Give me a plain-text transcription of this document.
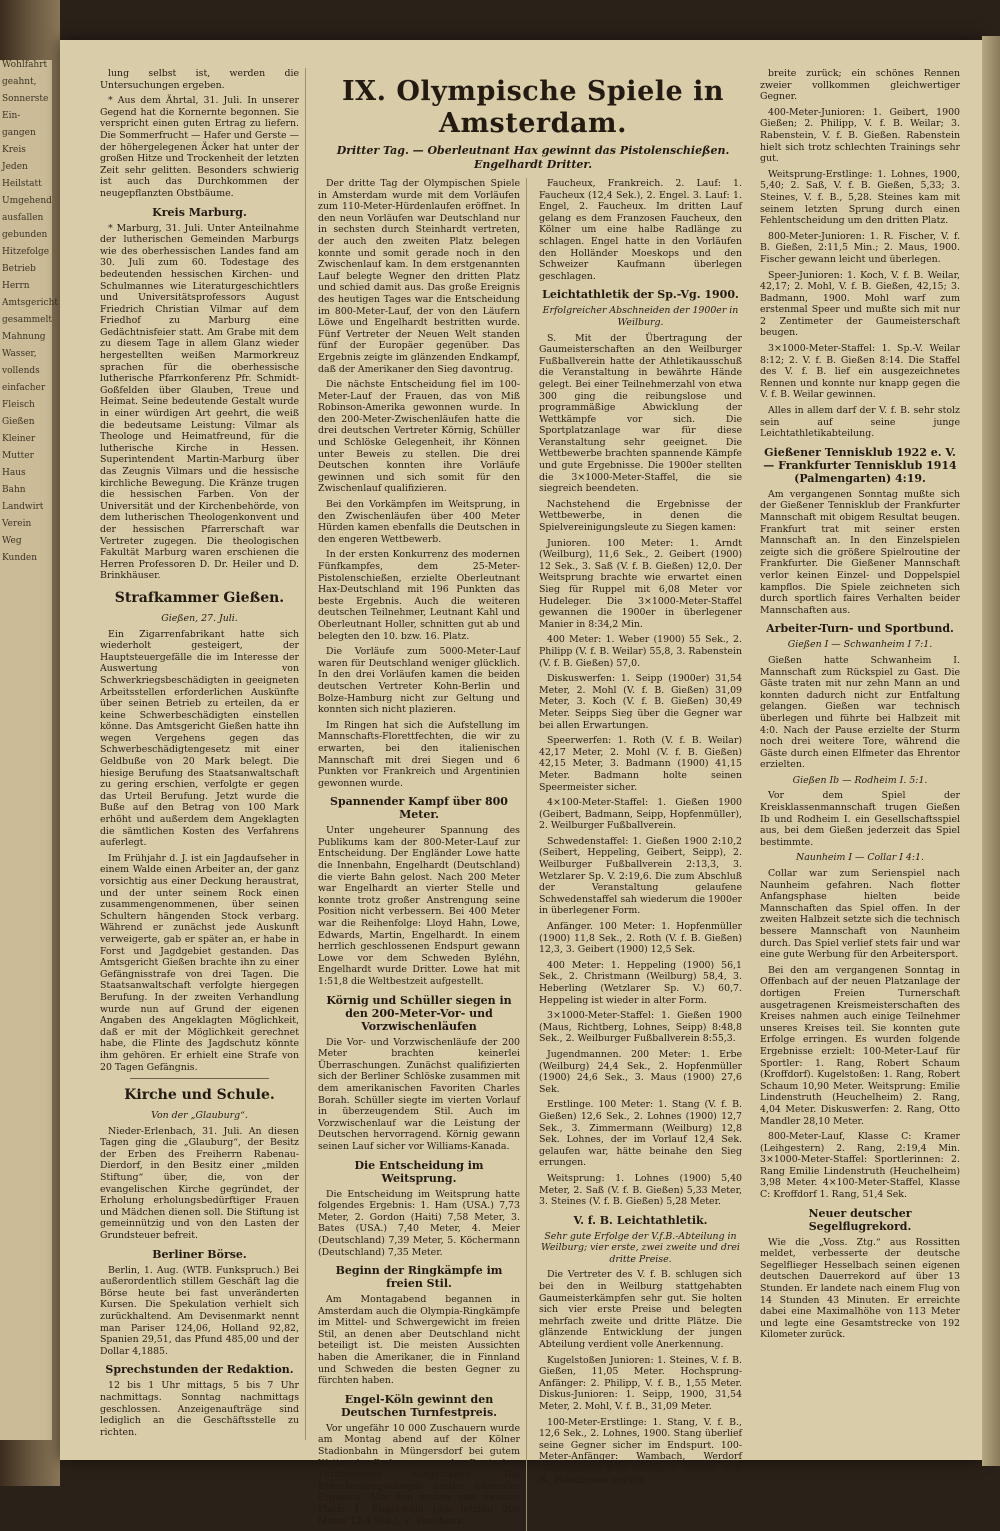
Wohlfahrt

geahnt,

Sonnerste

Ein-

gangen

Kreis

Jeden

Heilstatt

Umgehend

ausfallen

gebunden

Hitzefolge

Betrieb

Herrn

Amtsgericht

gesammelt

Mahnung

Wasser,

vollends

einfacher

Fleisch

Gießen

Kleiner

Mutter

Haus

Bahn

Landwirt

Verein

Weg

Kunden

lung selbst ist, werden die Untersuchungen ergeben.

* Aus dem Ährtal, 31. Juli. In unserer Gegend hat die Kornernte begonnen. Sie verspricht einen guten Ertrag zu liefern. Die Sommerfrucht — Hafer und Gerste — der höhergelegenen Äcker hat unter der großen Hitze und Trockenheit der letzten Zeit sehr gelitten. Besonders schwierig ist auch das Durchkommen der neugepflanzten Obstbäume.

Kreis Marburg.

* Marburg, 31. Juli. Unter Anteilnahme der lutherischen Gemeinden Marburgs wie des oberhessischen Landes fand am 30. Juli zum 60. Todestage des bedeutenden hessischen Kirchen- und Schulmannes wie Literaturgeschichtlers und Universitätsprofessors August Friedrich Christian Vilmar auf dem Friedhof zu Marburg eine Gedächtnisfeier statt. Am Grabe mit dem zu diesem Tage in allem Glanz wieder hergestellten weißen Marmorkreuz sprachen für die oberhessische lutherische Pfarrkonferenz Pfr. Schmidt-Goßfelden über Glauben, Treue und Heimat. Seine bedeutende Gestalt wurde in einer würdigen Art geehrt, die weiß die bedeutsame Leistung: Vilmar als Theologe und Heimatfreund, für die lutherische Kirche in Hessen. Superintendent Martin-Marburg über das Zeugnis Vilmars und die hessische kirchliche Bewegung. Die Kränze trugen die hessischen Farben. Von der Universität und der Kirchenbehörde, von dem lutherischen Theologenkonvent und der hessischen Pfarrerschaft war Vertreter zugegen. Die theologischen Fakultät Marburg waren erschienen die Herren Professoren D. Dr. Heiler und D. Brinkhäuser.

Strafkammer Gießen.

Gießen, 27. Juli.

Ein Zigarrenfabrikant hatte sich wiederholt gesteigert, der Hauptsteuergefälle die im Interesse der Auswertung von Schwerkriegsbeschädigten in geeigneten Arbeitsstellen erforderlichen Auskünfte über seinen Betrieb zu erteilen, da er keine Schwerbeschädigten einstellen könne. Das Amtsgericht Gießen hatte ihn wegen Vergehens gegen das Schwerbeschädigtengesetz mit einer Geldbuße von 20 Mark belegt. Die hiesige Berufung des Staatsanwaltschaft zu gering erschien, verfolgte er gegen das Urteil Berufung. Jetzt wurde die Buße auf den Betrag von 100 Mark erhöht und außerdem dem Angeklagten die sämtlichen Kosten des Verfahrens auferlegt.

Im Frühjahr d. J. ist ein Jagdaufseher in einem Walde einen Arbeiter an, der ganz vorsichtig aus einer Deckung heraustrat, und der unter seinem Rock einen zusammengenommenen, über seinen Schultern hängenden Stock verbarg. Während er zunächst jede Auskunft verweigerte, gab er später an, er habe in Forst und Jagdgebiet gestanden. Das Amtsgericht Gießen brachte ihn zu einer Gefängnisstrafe von drei Tagen. Die Staatsanwaltschaft verfolgte hiergegen Berufung. In der zweiten Verhandlung wurde nun auf Grund der eigenen Angaben des Angeklagten Möglichkeit, daß er mit der Möglichkeit gerechnet habe, die Flinte des Jagdschutz könnte ihm gehören. Er erhielt eine Strafe von 20 Tagen Gefängnis.

Kirche und Schule.

Von der „Glauburg“.

Nieder-Erlenbach, 31. Juli. An diesen Tagen ging die „Glauburg“, der Besitz der Erben des Freiherrn Rabenau-Dierdorf, in den Besitz einer „milden Stiftung“ über, die, von der evangelischen Kirche gegründet, der Erholung erholungsbedürftiger Frauen und Mädchen dienen soll. Die Stiftung ist gemeinnützig und von den Lasten der Grundsteuer befreit.

Berliner Börse.

Berlin, 1. Aug. (WTB. Funkspruch.) Bei außerordentlich stillem Geschäft lag die Börse heute bei fast unveränderten Kursen. Die Spekulation verhielt sich zurückhaltend. Am Devisenmarkt nennt man Pariser 124,06, Holland 92,82, Spanien 29,51, das Pfund 485,00 und der Dollar 4,1885.

Sprechstunden der Redaktion.

12 bis 1 Uhr mittags, 5 bis 7 Uhr nachmittags. Sonntag nachmittags geschlossen. Anzeigenaufträge sind lediglich an die Geschäftsstelle zu richten.

IX. Olympische Spiele in Amsterdam.
Dritter Tag. — Oberleutnant Hax gewinnt das Pistolenschießen. Engelhardt Dritter.

Der dritte Tag der Olympischen Spiele in Amsterdam wurde mit dem Vorläufen zum 110-Meter-Hürdenlaufen eröffnet. In den neun Vorläufen war Deutschland nur in sechsten durch Steinhardt vertreten, der auch den zweiten Platz belegen konnte und somit gerade noch in den Zwischenlauf kam. In dem erstgenannten Lauf belegte Wegner den dritten Platz und schied damit aus. Das große Ereignis des heutigen Tages war die Entscheidung im 800-Meter-Lauf, der von den Läufern Löwe und Engelhardt bestritten wurde. Fünf Vertreter der Neuen Welt standen fünf der Europäer gegenüber. Das Ergebnis zeigte im glänzenden Endkampf, daß der Amerikaner den Sieg davontrug.

Die nächste Entscheidung fiel im 100-Meter-Lauf der Frauen, das von Miß Robinson-Amerika gewonnen wurde. In den 200-Meter-Zwischenläufen hatte die drei deutschen Vertreter Körnig, Schüller und Schlöske Gelegenheit, ihr Können unter Beweis zu stellen. Die drei Deutschen konnten ihre Vorläufe gewinnen und sich somit für den Zwischenlauf qualifizieren.

Bei den Vorkämpfen im Weitsprung, in den Zwischenläufen über 400 Meter Hürden kamen ebenfalls die Deutschen in den engeren Wettbewerb.

In der ersten Konkurrenz des modernen Fünfkampfes, dem 25-Meter-Pistolenschießen, erzielte Oberleutnant Hax-Deutschland mit 196 Punkten das beste Ergebnis. Auch die weiteren deutschen Teilnehmer, Leutnant Kahl und Oberleutnant Holler, schnitten gut ab und belegten den 10. bzw. 16. Platz.

Die Vorläufe zum 5000-Meter-Lauf waren für Deutschland weniger glücklich. In den drei Vorläufen kamen die beiden deutschen Vertreter Kohn-Berlin und Bolze-Hamburg nicht zur Geltung und konnten sich nicht plazieren.

Im Ringen hat sich die Aufstellung im Mannschafts-Florettfechten, die wir zu erwarten, bei den italienischen Mannschaft mit drei Siegen und 6 Punkten vor Frankreich und Argentinien gewonnen wurde.

Spannender Kampf über 800 Meter.

Unter ungeheurer Spannung des Publikums kam der 800-Meter-Lauf zur Entscheidung. Der Engländer Lowe hatte die Innenbahn, Engelhardt (Deutschland) die vierte Bahn gelost. Nach 200 Meter war Engelhardt an vierter Stelle und konnte trotz großer Anstrengung seine Position nicht verbessern. Bei 400 Meter war die Reihenfolge: Lloyd Hahn, Lowe, Edwards, Martin, Engelhardt. In einem herrlich geschlossenen Endspurt gewann Lowe vor dem Schweden Byléhn, Engelhardt wurde Dritter. Lowe hat mit 1:51,8 die Weltbestzeit aufgestellt.

Körnig und Schüller siegen in den 200-Meter-Vor- und Vorzwischenläufen

Die Vor- und Vorzwischenläufe der 200 Meter brachten keinerlei Überraschungen. Zunächst qualifizierten sich der Berliner Schlöske zusammen mit dem amerikanischen Favoriten Charles Borah. Schüller siegte im vierten Vorlauf in überzeugendem Stil. Auch im Vorzwischenlauf war die Leistung der Deutschen hervorragend. Körnig gewann seinen Lauf sicher vor Williams-Kanada.

Die Entscheidung im Weitsprung.

Die Entscheidung im Weitsprung hatte folgendes Ergebnis: 1. Ham (USA.) 7,73 Meter, 2. Gordon (Haiti) 7,58 Meter, 3. Bates (USA.) 7,40 Meter, 4. Meier (Deutschland) 7,39 Meter, 5. Köchermann (Deutschland) 7,35 Meter.

Beginn der Ringkämpfe im freien Stil.

Am Montagabend begannen in Amsterdam auch die Olympia-Ringkämpfe im Mittel- und Schwergewicht im freien Stil, an denen aber Deutschland nicht beteiligt ist. Die meisten Aussichten haben die Amerikaner, die in Finnland und Schweden die besten Gegner zu fürchten haben.

Engel-Köln gewinnt den Deutschen Turnfestpreis.

Vor ungefähr 10 000 Zuschauern wurde am Montag abend auf der Kölner Stadionbahn in Müngersdorf bei gutem Wetter das Radrennen um den Deutschen Turnfestpreis ausgetragen. Die Entscheidungskämpfe hatten folgendes Ergebnis: Um den ersten und zweiten Platz: 1. Engel-Köln (die letzten 200 Meter 12,4 Sek.), 2. Faucheux.

Faucheux, Frankreich. 2. Lauf: 1. Faucheux (12,4 Sek.), 2. Engel. 3. Lauf: 1. Engel, 2. Faucheux. Im dritten Lauf gelang es dem Franzosen Faucheux, den Kölner um eine halbe Radlänge zu schlagen. Engel hatte in den Vorläufen den Holländer Moeskops und den Schweizer Kaufmann überlegen geschlagen.

Leichtathletik der Sp.-Vg. 1900.

Erfolgreicher Abschneiden der 1900er in Weilburg.

S. Mit der Übertragung der Gaumeisterschaften an den Weilburger Fußballverein hatte der Athletikausschuß die Veranstaltung in bewährte Hände gelegt. Bei einer Teilnehmerzahl von etwa 300 ging die reibungslose und programmäßige Abwicklung der Wettkämpfe vor sich. Die Sportplatzanlage war für diese Veranstaltung sehr geeignet. Die Wettbewerbe brachten spannende Kämpfe und gute Ergebnisse. Die 1900er stellten die 3×1000-Meter-Staffel, die sie siegreich beendeten.

Nachstehend die Ergebnisse der Wettbewerbe, in denen die Spielvereinigungsleute zu Siegen kamen:

Junioren. 100 Meter: 1. Arndt (Weilburg), 11,6 Sek., 2. Geibert (1900) 12 Sek., 3. Saß (V. f. B. Gießen) 12,0. Der Weitsprung brachte wie erwartet einen Sieg für Ruppel mit 6,08 Meter vor Hudeleger. Die 3×1000-Meter-Staffel gewannen die 1900er in überlegener Manier in 8:34,2 Min.

400 Meter: 1. Weber (1900) 55 Sek., 2. Philipp (V. f. B. Weilar) 55,8, 3. Rabenstein (V. f. B. Gießen) 57,0.

Diskuswerfen: 1. Seipp (1900er) 31,54 Meter, 2. Mohl (V. f. B. Gießen) 31,09 Meter, 3. Koch (V. f. B. Gießen) 30,49 Meter. Seipps Sieg über die Gegner war bei allen Erwartungen.

Speerwerfen: 1. Roth (V. f. B. Weilar) 42,17 Meter, 2. Mohl (V. f. B. Gießen) 42,15 Meter, 3. Badmann (1900) 41,15 Meter. Badmann holte seinen Speermeister sicher.

4×100-Meter-Staffel: 1. Gießen 1900 (Geibert, Badmann, Seipp, Hopfenmüller), 2. Weilburger Fußballverein.

Schwedenstaffel: 1. Gießen 1900 2:10,2 (Seibert, Heppeling, Geibert, Seipp), 2. Weilburger Fußballverein 2:13,3, 3. Wetzlarer Sp. V. 2:19,6. Die zum Abschluß der Veranstaltung gelaufene Schwedenstaffel sah wiederum die 1900er in überlegener Form.

Anfänger. 100 Meter: 1. Hopfenmüller (1900) 11,8 Sek., 2. Roth (V. f. B. Gießen) 12,3, 3. Geibert (1900) 12,5 Sek.

400 Meter: 1. Heppeling (1900) 56,1 Sek., 2. Christmann (Weilburg) 58,4, 3. Heberling (Wetzlarer Sp. V.) 60,7. Heppeling ist wieder in alter Form.

3×1000-Meter-Staffel: 1. Gießen 1900 (Maus, Richtberg, Lohnes, Seipp) 8:48,8 Sek., 2. Weilburger Fußballverein 8:55,3.

Jugendmannen. 200 Meter: 1. Erbe (Weilburg) 24,4 Sek., 2. Hopfenmüller (1900) 24,6 Sek., 3. Maus (1900) 27,6 Sek.

Erstlinge. 100 Meter: 1. Stang (V. f. B. Gießen) 12,6 Sek., 2. Lohnes (1900) 12,7 Sek., 3. Zimmermann (Weilburg) 12,8 Sek. Lohnes, der im Vorlauf 12,4 Sek. gelaufen war, hätte beinahe den Sieg errungen.

Weitsprung: 1. Lohnes (1900) 5,40 Meter, 2. Saß (V. f. B. Gießen) 5,33 Meter, 3. Steines (V. f. B. Gießen) 5,28 Meter.

V. f. B. Leichtathletik.

Sehr gute Erfolge der V.f.B.-Abteilung in Weilburg; vier erste, zwei zweite und drei dritte Preise.

Die Vertreter des V. f. B. schlugen sich bei den in Weilburg stattgehabten Gaumeisterkämpfen sehr gut. Sie holten sich vier erste Preise und belegten mehrfach zweite und dritte Plätze. Die glänzende Entwicklung der jungen Abteilung verdient volle Anerkennung.

Kugelstoßen Junioren: 1. Steines, V. f. B. Gießen, 11,05 Meter. Hochsprung-Anfänger: 2. Philipp, V. f. B., 1,55 Meter. Diskus-Junioren: 1. Seipp, 1900, 31,54 Meter, 2. Mohl, V. f. B., 31,09 Meter.

100-Meter-Erstlinge: 1. Stang, V. f. B., 12,6 Sek., 2. Lohnes, 1900. Stang überlief seine Gegner sicher im Endspurt. 100-Meter-Anfänger: Wambach, Werdorf (Gaumeister) 4,32 Meter, 2. Müller, V. f. B., Handbreite zurück.

breite zurück; ein schönes Rennen zweier vollkommen gleichwertiger Gegner.

400-Meter-Junioren: 1. Geibert, 1900 Gießen; 2. Philipp, V. f. B. Weilar; 3. Rabenstein, V. f. B. Gießen. Rabenstein hielt sich trotz schlechten Trainings sehr gut.

Weitsprung-Erstlinge: 1. Lohnes, 1900, 5,40; 2. Saß, V. f. B. Gießen, 5,33; 3. Steines, V. f. B., 5,28. Steines kam mit seinem letzten Sprung durch einen Fehlentscheidung um den dritten Platz.

800-Meter-Junioren: 1. R. Fischer, V. f. B. Gießen, 2:11,5 Min.; 2. Maus, 1900. Fischer gewann leicht und überlegen.

Speer-Junioren: 1. Koch, V. f. B. Weilar, 42,17; 2. Mohl, V. f. B. Gießen, 42,15; 3. Badmann, 1900. Mohl warf zum erstenmal Speer und mußte sich mit nur 2 Zentimeter der Gaumeisterschaft beugen.

3×1000-Meter-Staffel: 1. Sp.-V. Weilar 8:12; 2. V. f. B. Gießen 8:14. Die Staffel des V. f. B. lief ein ausgezeichnetes Rennen und konnte nur knapp gegen die V. f. B. Weilar gewinnen.

Alles in allem darf der V. f. B. sehr stolz sein auf seine junge Leichtathletikabteilung.

Gießener Tennisklub 1922 e. V. — Frankfurter Tennisklub 1914 (Palmengarten) 4:19.

Am vergangenen Sonntag mußte sich der Gießener Tennisklub der Frankfurter Mannschaft mit obigem Resultat beugen. Frankfurt trat mit seiner ersten Mannschaft an. In den Einzelspielen zeigte sich die größere Spielroutine der Frankfurter. Die Gießener Mannschaft verlor keinen Einzel- und Doppelspiel kampflos. Die Spiele zeichneten sich durch sportlich faires Verhalten beider Mannschaften aus.

Arbeiter-Turn- und Sportbund.

Gießen I — Schwanheim I 7:1.

Gießen hatte Schwanheim I. Mannschaft zum Rückspiel zu Gast. Die Gäste traten mit nur zehn Mann an und konnten dadurch nicht zur Entfaltung gelangen. Gießen war technisch überlegen und führte bei Halbzeit mit 4:0. Nach der Pause erzielte der Sturm noch drei weitere Tore, während die Gäste durch einen Elfmeter das Ehrentor erzielten.

Gießen Ib — Rodheim I. 5:1.

Vor dem Spiel der Kreisklassenmannschaft trugen Gießen Ib und Rodheim I. ein Gesellschaftsspiel aus, bei dem Gießen jederzeit das Spiel bestimmte.

Naunheim I — Collar I 4:1.

Collar war zum Serienspiel nach Naunheim gefahren. Nach flotter Anfangsphase hielten beide Mannschaften das Spiel offen. In der zweiten Halbzeit setzte sich die technisch bessere Mannschaft von Naunheim durch. Das Spiel verlief stets fair und war eine gute Werbung für den Arbeitersport.

Bei den am vergangenen Sonntag in Offenbach auf der neuen Platzanlage der dortigen Freien Turnerschaft ausgetragenen Kreismeisterschaften des Kreises nahmen auch einige Teilnehmer unseres Kreises teil. Sie konnten gute Erfolge erringen. Es wurden folgende Ergebnisse erzielt: 100-Meter-Lauf für Sportler: 1. Rang, Robert Schaum (Kroffdorf). Kugelstoßen: 1. Rang, Robert Schaum 10,90 Meter. Weitsprung: Emilie Lindenstruth (Heuchelheim) 2. Rang, 4,04 Meter. Diskuswerfen: 2. Rang, Otto Mandler 28,10 Meter.

800-Meter-Lauf, Klasse C: Kramer (Leihgestern) 2. Rang, 2:19,4 Min. 3×1000-Meter-Staffel: Sportlerinnen: 2. Rang Emilie Lindenstruth (Heuchelheim) 3,98 Meter. 4×100-Meter-Staffel, Klasse C: Kroffdorf 1. Rang, 51,4 Sek.

Neuer deutscher Segelflugrekord.

Wie die „Voss. Ztg.“ aus Rossitten meldet, verbesserte der deutsche Segelflieger Hesselbach seinen eigenen deutschen Dauerrekord auf über 13 Stunden. Er landete nach einem Flug von 14 Stunden 43 Minuten. Er erreichte dabei eine Maximalhöhe von 113 Meter und legte eine Gesamtstrecke von 192 Kilometer zurück.
